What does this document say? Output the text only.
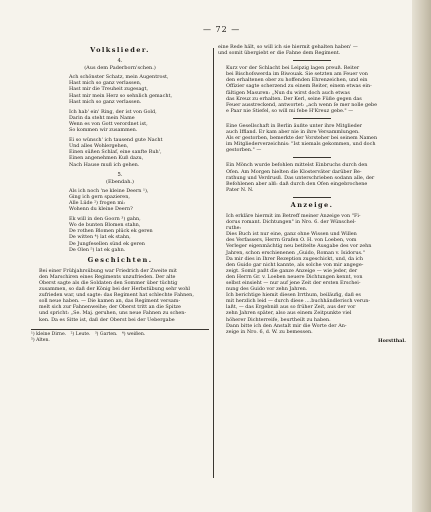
— 72 —
Volkslieder.
4.
(Aus dem Paderborn'schen.)
Ach schönster Schatz, mein Augentrost,
Hast mich so ganz verlassen,
Hast mir die Treuheit zugesagt,
Hast mir mein Herz so sehnlich gemacht,
Hast mich so ganz verlassen.
Ich hab' ein' Ring, der ist von Gold,
Darin da steht mein Name
Wenn es von Gott verordnet ist,
So kommen wir zusammen.
Ei so wünsch' ich tausend gute Nacht
Und alles Wohlergehen,
Einen süßen Schlaf, eine sanfte Ruh',
Einen angenehmen Kuß dazu,
Nach Hause muß ich gehen.
5.
(Ebendah.)
Als ich noch 'ne kleine Deern ¹),
Ging ich gern spazieren,
Alle Lüde ²) frogen mi:
Wohenn du kleine Deern?
Ek will in den Goorn ³) gahn,
Wo de bunten Blomen stahn,
De rothen Blomen plück ek geren
De witten ⁴) lat ek stahn,
De Jungfesellen sünd ek geren
De Olen ⁵) lat ek gahn.
Geschichten.
Bei einer Frühjahrsübung war Friedrich der Zweite mit
den Marschiren eines Regiments unzufrieden. Der alte
Oberst sagte als die Soldaten den Sommer über tüchtig
zusammen, so daß der König bei der Herbstübung sehr wohl
zufrieden war, und sagte: das Regiment hat schlechte Fahnen,
soll neue haben. — Die kamen an, das Regiment versam-
melt sich zur Fahnenweihe; der Oberst tritt an die Spitze
und spricht: „Se. Maj. geruhen, uns neue Fahnen zu schen-
ken. Da es Sitte ist, daß der Oberst bei der Uebergabe
¹) kleine Dirne. ²) Leute. ³) Garten. ⁴) weißen.
⁵) Alten.
eine Rede hält, so will ich sie hiermit gehalten haben' —
und somit übergiebt er die Fahne dem Regiment.
Kurz vor der Schlacht bei Leipzig lagen preuß. Reiter
bei Bischofswerda im Biwouak. Sie setzten am Feuer von
den erhaltenen ober zu hoffenden Ehrenzeichen, und ein
Offizier sagte scherzend zu einem Reiter, einem etwas ein-
fältigen Masuren: „Nun du wirst doch auch etwas
das Kreuz zu erhalten. Der Kerl, seine Füße gegen das
Feuer ausstreckend, antwortet: „ach wenn ſe mer nolle gebe
e Paar nie Stiefel, so will mi febe H'Kreuz gebe." —
Eine Gesellschaft in Berlin äußte unter ihre Mitglieder
auch Iffland. Er kam aber nie in ihre Versammlungen.
Als er gestorben, bemerkte der Vorsteher bei seinem Namen
im Mitgliederverzeichnis: "Ist niemals gekommen, und doch
gestorben." —
Ein Mönch wurde befohlen mittelst Einbruchs durch den
Ofen. Am Morgen hielten die Klosterväter darüber Be-
rathung und Verdrusß. Das unterschrieben sodann alle, der
Befohlenen aber alß: daß durch den Ofen eingebrochene
Pater N. N.
Anzeige.
Ich erkläre hiermit im Betreff meiner Anzeige von "Fi-
dorus romant. Dichtungen" in Nro. 6. der Wünschel-
ruthe:
Dies Buch ist nur eine, ganz ohne Wissen und Willen
des Verfassers, Herrn Grafen O. H. von Loeben, vom
Verleger eigenmächtig neu betitelte Ausgabe des vor zehn
Jahren, schon erschienenen „Guido, Roman v. Isidorus."
Da mir dies in Ihrer Rezeption zugeschickt, und, da ich
den Guido gar nicht kannte, als solche von mir angege-
zeigt. Somit paßt die ganze Anzeige — wie jeder, der
den Herrn Gr. v. Loeben neuere Dichtungen kennt, von
selbst einsieht — nur auf jene Zeit der ersten Erschei-
nung des Guido vor zehn Jahren.
Ich berichtige hiemit diesen Irrthum, beiläufig, daß es
mit herzlich leid — durch diese ....buchhändlerisch verun-
laßt, — das Ergebniß aus so früher Zeit, aus der vor
zehn Jahren später, also aus einem Zeitpunkte viel
höherer Dichterreife, beurtheilt zu haben.
Dann bitte ich den Anstalt mir die Worte der An-
zeige in Nro. 6, d. W. zu bemessen.
Horstthal.
